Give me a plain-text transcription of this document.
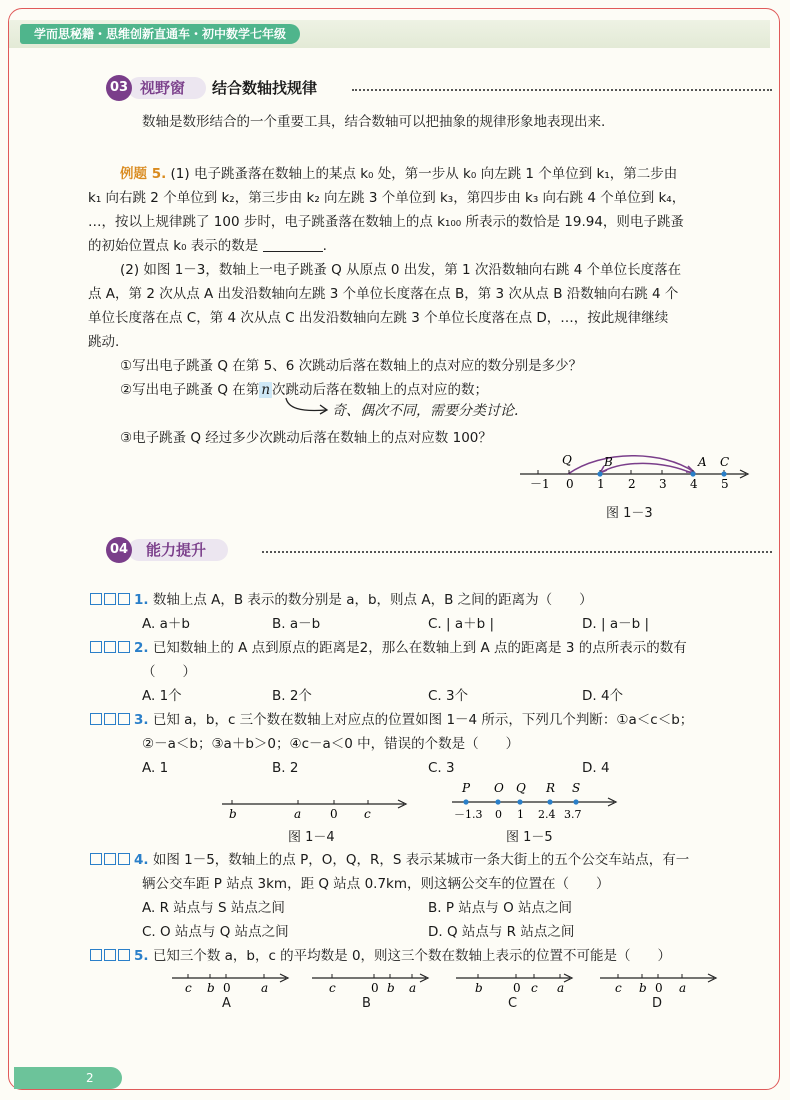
学而思秘籍・思维创新直通车・初中数学七年级
03 视野窗 结合数轴找规律
数轴是数形结合的一个重要工具，结合数轴可以把抽象的规律形象地表现出来.
例题 5. (1) 电子跳蚤落在数轴上的某点 k₀ 处，第一步从 k₀ 向左跳 1 个单位到 k₁，第二步由
k₁ 向右跳 2 个单位到 k₂，第三步由 k₂ 向左跳 3 个单位到 k₃，第四步由 k₃ 向右跳 4 个单位到 k₄，
…，按以上规律跳了 100 步时，电子跳蚤落在数轴上的点 k₁₀₀ 所表示的数恰是 19.94，则电子跳蚤
的初始位置点 k₀ 表示的数是	.
(2) 如图 1－3，数轴上一电子跳蚤 Q 从原点 0 出发，第 1 次沿数轴向右跳 4 个单位长度落在
点 A，第 2 次从点 A 出发沿数轴向左跳 3 个单位长度落在点 B，第 3 次从点 B 沿数轴向右跳 4 个
单位长度落在点 C，第 4 次从点 C 出发沿数轴向左跳 3 个单位长度落在点 D，…，按此规律继续
跳动.
①写出电子跳蚤 Q 在第 5、6 次跳动后落在数轴上的点对应的数分别是多少？
②写出电子跳蚤 Q 在第 n 次跳动后落在数轴上的点对应的数；
奇、偶次不同，需要分类讨论.
③电子跳蚤 Q 经过多少次跳动后落在数轴上的点对应数 100？
－1 0 1 2 3 4 5
Q	B	A C
图 1－3
04 能力提升
1. 数轴上点 A，B 表示的数分别是 a，b，则点 A，B 之间的距离为（　　）
A. a＋b	B. a－b	C. | a＋b |	D. | a－b |
2. 已知数轴上的 A 点到原点的距离是2，那么在数轴上到 A 点的距离是 3 的点所表示的数有
（　　）
A. 1个	B. 2个	C. 3个	D. 4个
3. 已知 a，b，c 三个数在数轴上对应点的位置如图 1－4 所示，下列几个判断：①a＜c＜b；
②－a＜b；③a＋b＞0；④c－a＜0 中，错误的个数是（　　）
A. 1	B. 2	C. 3	D. 4
b	a 0 c
图 1－4
P
－1.3
O
0
Q
1
R
2.4
S
3.7
图 1－5
4. 如图 1－5，数轴上的点 P，O，Q，R，S 表示某城市一条大街上的五个公交车站点，有一
辆公交车距 P 站点 3km，距 Q 站点 0.7km，则这辆公交车的位置在（　　）
A. R 站点与 S 站点之间	B. P 站点与 O 站点之间
C. O 站点与 Q 站点之间	D. Q 站点与 R 站点之间
5. 已知三个数 a，b，c 的平均数是 0，则这三个数在数轴上表示的位置不可能是（　　）
c b 0	a	c	0 b a	b	0 c a	c b 0 a
A	B	C	D
2
